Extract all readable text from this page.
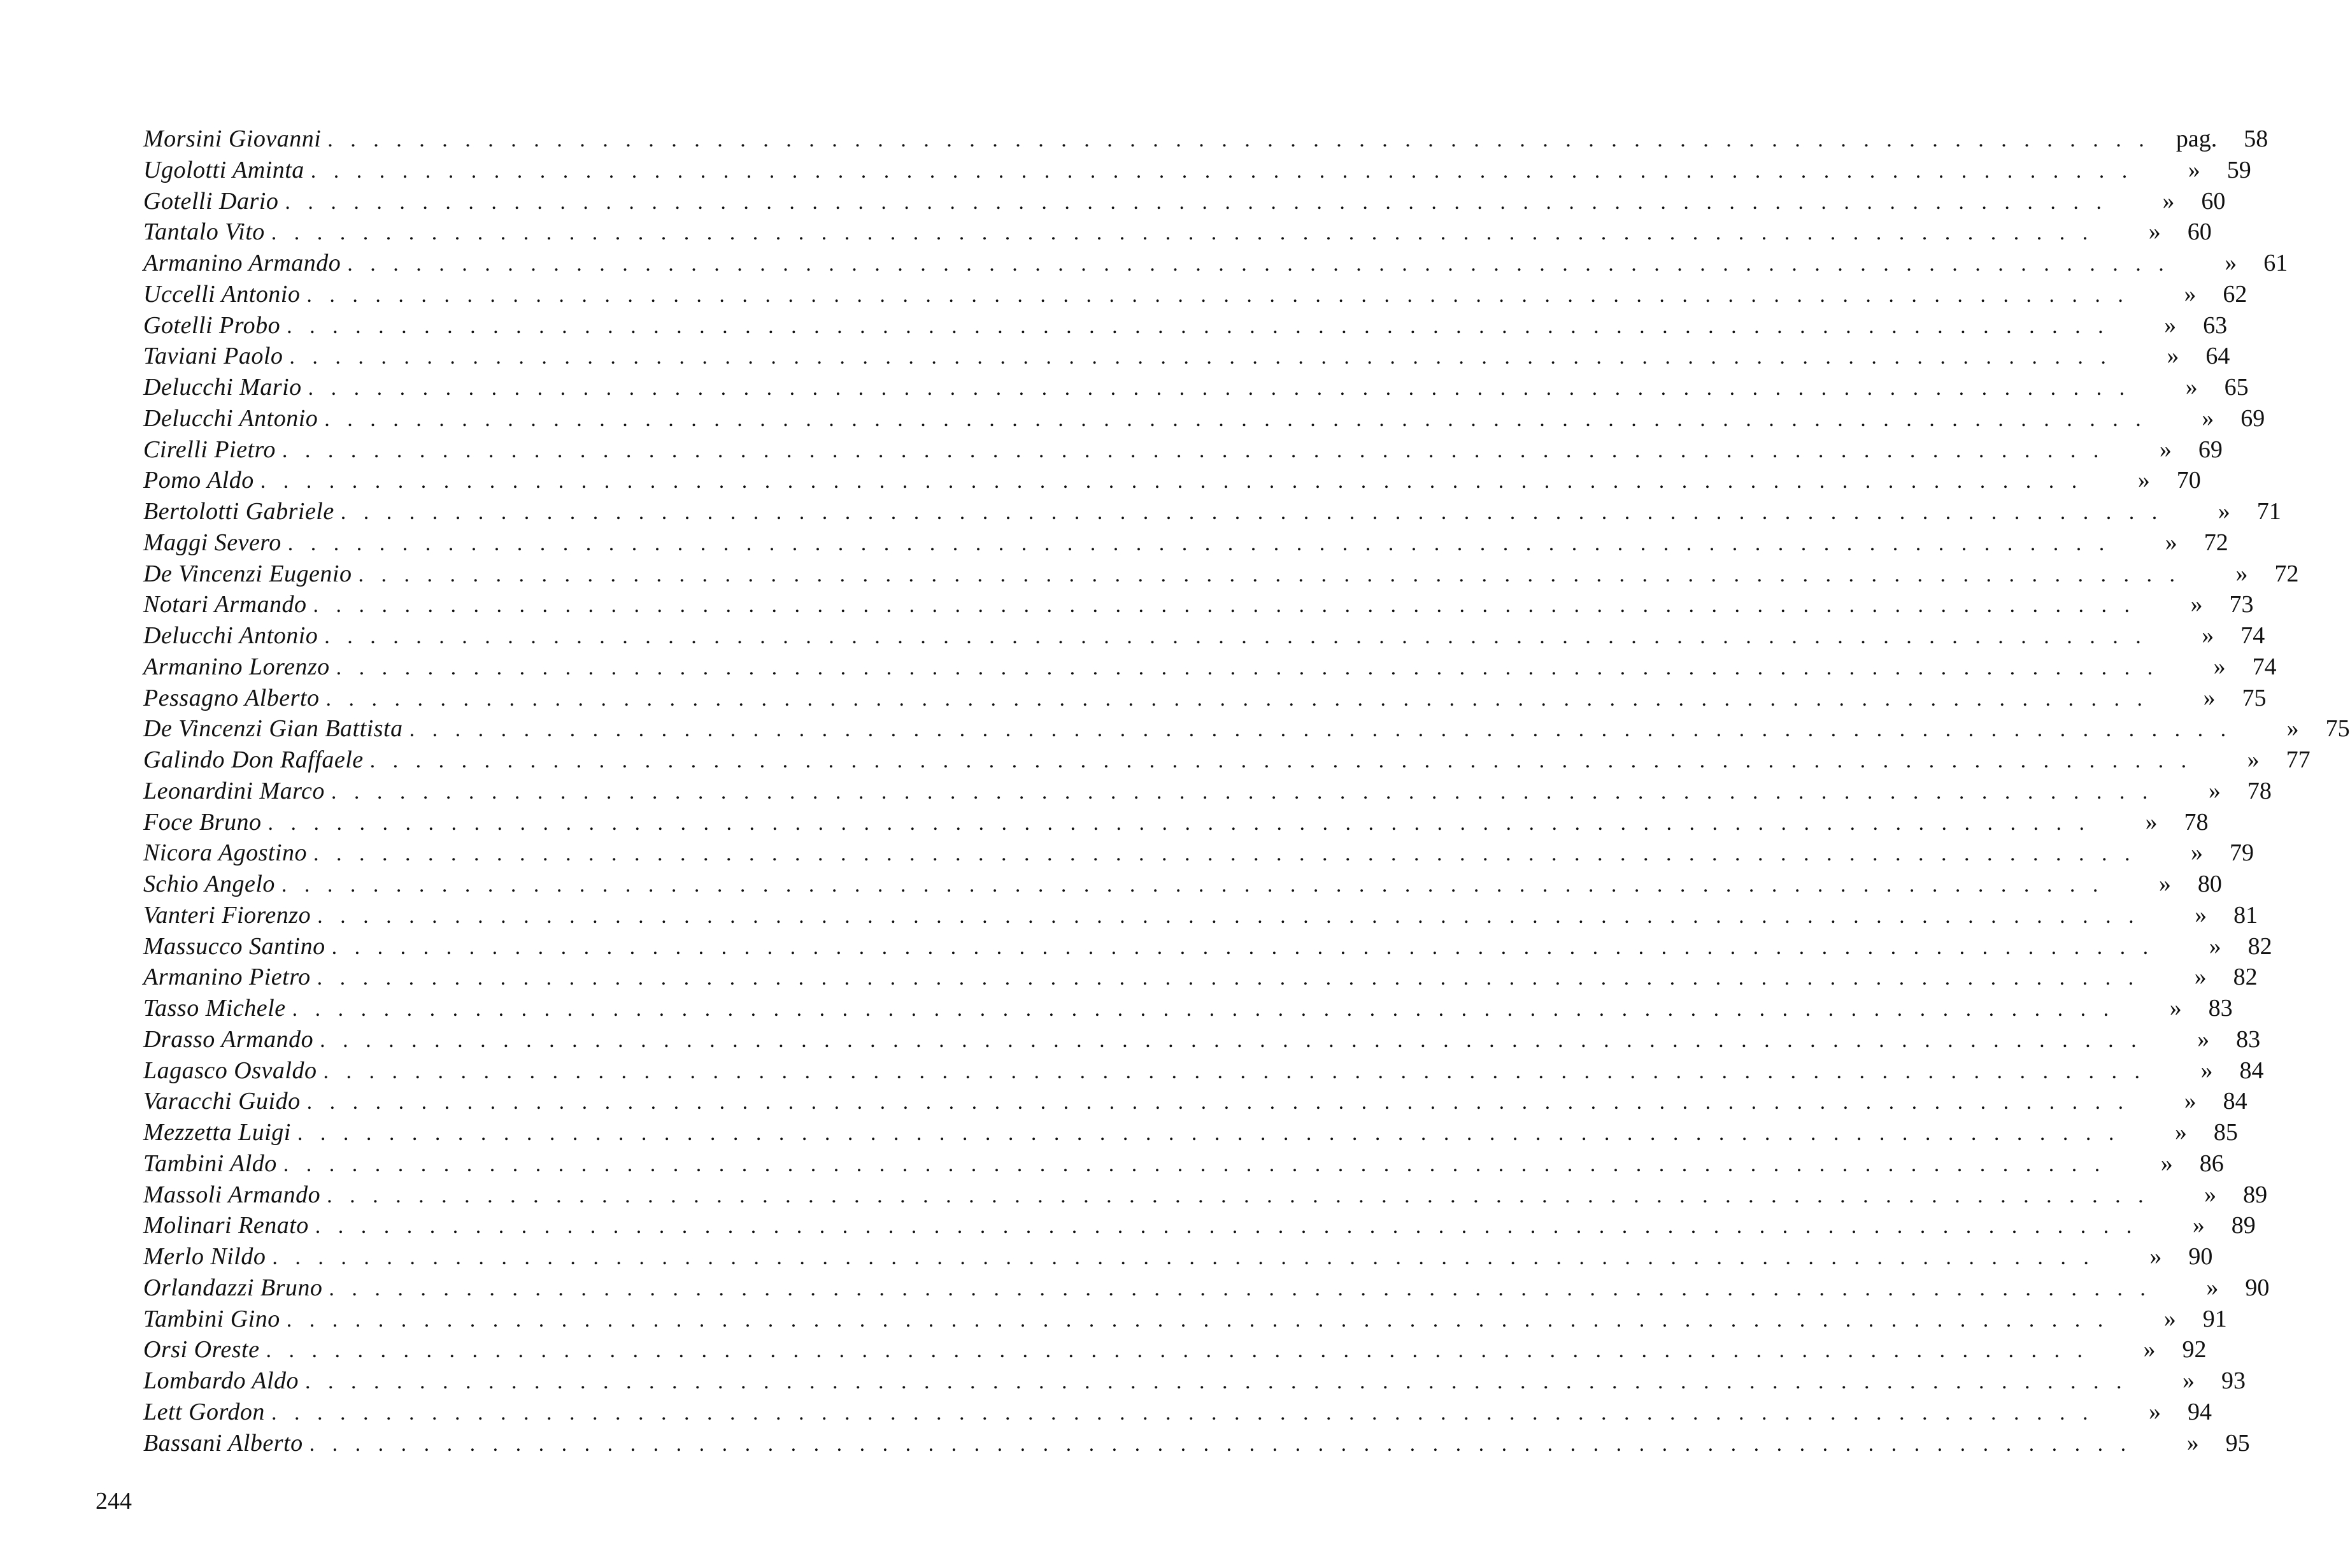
Morsini Giovanni . . . . . . . . . . . . . . . . . . . . . . . . . . . . . . . . . . . . . . . . . . . . . . . . . . . . . . . . . . . . . . . . . . . . . . . . . . . . . . . .	pag.	58
Ugolotti Aminta . . . . . . . . . . . . . . . . . . . . . . . . . . . . . . . . . . . . . . . . . . . . . . . . . . . . . . . . . . . . . . . . . . . . . . . . . . . . . . . .	»	59
Gotelli Dario . . . . . . . . . . . . . . . . . . . . . . . . . . . . . . . . . . . . . . . . . . . . . . . . . . . . . . . . . . . . . . . . . . . . . . . . . . . . . . . .	»	60
Tantalo Vito . . . . . . . . . . . . . . . . . . . . . . . . . . . . . . . . . . . . . . . . . . . . . . . . . . . . . . . . . . . . . . . . . . . . . . . . . . . . . . . .	»	60
Armanino Armando . . . . . . . . . . . . . . . . . . . . . . . . . . . . . . . . . . . . . . . . . . . . . . . . . . . . . . . . . . . . . . . . . . . . . . . . . . . . . . . .	»	61
Uccelli Antonio . . . . . . . . . . . . . . . . . . . . . . . . . . . . . . . . . . . . . . . . . . . . . . . . . . . . . . . . . . . . . . . . . . . . . . . . . . . . . . . .	»	62
Gotelli Probo . . . . . . . . . . . . . . . . . . . . . . . . . . . . . . . . . . . . . . . . . . . . . . . . . . . . . . . . . . . . . . . . . . . . . . . . . . . . . . . .	»	63
Taviani Paolo . . . . . . . . . . . . . . . . . . . . . . . . . . . . . . . . . . . . . . . . . . . . . . . . . . . . . . . . . . . . . . . . . . . . . . . . . . . . . . . .	»	64
Delucchi Mario . . . . . . . . . . . . . . . . . . . . . . . . . . . . . . . . . . . . . . . . . . . . . . . . . . . . . . . . . . . . . . . . . . . . . . . . . . . . . . . .	»	65
Delucchi Antonio . . . . . . . . . . . . . . . . . . . . . . . . . . . . . . . . . . . . . . . . . . . . . . . . . . . . . . . . . . . . . . . . . . . . . . . . . . . . . . . .	»	69
Cirelli Pietro . . . . . . . . . . . . . . . . . . . . . . . . . . . . . . . . . . . . . . . . . . . . . . . . . . . . . . . . . . . . . . . . . . . . . . . . . . . . . . . .	»	69
Pomo Aldo . . . . . . . . . . . . . . . . . . . . . . . . . . . . . . . . . . . . . . . . . . . . . . . . . . . . . . . . . . . . . . . . . . . . . . . . . . . . . . . .	»	70
Bertolotti Gabriele . . . . . . . . . . . . . . . . . . . . . . . . . . . . . . . . . . . . . . . . . . . . . . . . . . . . . . . . . . . . . . . . . . . . . . . . . . . . . . . .	»	71
Maggi Severo . . . . . . . . . . . . . . . . . . . . . . . . . . . . . . . . . . . . . . . . . . . . . . . . . . . . . . . . . . . . . . . . . . . . . . . . . . . . . . . .	»	72
De Vincenzi Eugenio . . . . . . . . . . . . . . . . . . . . . . . . . . . . . . . . . . . . . . . . . . . . . . . . . . . . . . . . . . . . . . . . . . . . . . . . . . . . . . . .	»	72
Notari Armando . . . . . . . . . . . . . . . . . . . . . . . . . . . . . . . . . . . . . . . . . . . . . . . . . . . . . . . . . . . . . . . . . . . . . . . . . . . . . . . .	»	73
Delucchi Antonio . . . . . . . . . . . . . . . . . . . . . . . . . . . . . . . . . . . . . . . . . . . . . . . . . . . . . . . . . . . . . . . . . . . . . . . . . . . . . . . .	»	74
Armanino Lorenzo . . . . . . . . . . . . . . . . . . . . . . . . . . . . . . . . . . . . . . . . . . . . . . . . . . . . . . . . . . . . . . . . . . . . . . . . . . . . . . . .	»	74
Pessagno Alberto . . . . . . . . . . . . . . . . . . . . . . . . . . . . . . . . . . . . . . . . . . . . . . . . . . . . . . . . . . . . . . . . . . . . . . . . . . . . . . . .	»	75
De Vincenzi Gian Battista . . . . . . . . . . . . . . . . . . . . . . . . . . . . . . . . . . . . . . . . . . . . . . . . . . . . . . . . . . . . . . . . . . . . . . . . . . . . . . . .	»	75
Galindo Don Raffaele . . . . . . . . . . . . . . . . . . . . . . . . . . . . . . . . . . . . . . . . . . . . . . . . . . . . . . . . . . . . . . . . . . . . . . . . . . . . . . . .	»	77
Leonardini Marco . . . . . . . . . . . . . . . . . . . . . . . . . . . . . . . . . . . . . . . . . . . . . . . . . . . . . . . . . . . . . . . . . . . . . . . . . . . . . . . .	»	78
Foce Bruno . . . . . . . . . . . . . . . . . . . . . . . . . . . . . . . . . . . . . . . . . . . . . . . . . . . . . . . . . . . . . . . . . . . . . . . . . . . . . . . .	»	78
Nicora Agostino . . . . . . . . . . . . . . . . . . . . . . . . . . . . . . . . . . . . . . . . . . . . . . . . . . . . . . . . . . . . . . . . . . . . . . . . . . . . . . . .	»	79
Schio Angelo . . . . . . . . . . . . . . . . . . . . . . . . . . . . . . . . . . . . . . . . . . . . . . . . . . . . . . . . . . . . . . . . . . . . . . . . . . . . . . . .	»	80
Vanteri Fiorenzo . . . . . . . . . . . . . . . . . . . . . . . . . . . . . . . . . . . . . . . . . . . . . . . . . . . . . . . . . . . . . . . . . . . . . . . . . . . . . . . .	»	81
Massucco Santino . . . . . . . . . . . . . . . . . . . . . . . . . . . . . . . . . . . . . . . . . . . . . . . . . . . . . . . . . . . . . . . . . . . . . . . . . . . . . . . .	»	82
Armanino Pietro . . . . . . . . . . . . . . . . . . . . . . . . . . . . . . . . . . . . . . . . . . . . . . . . . . . . . . . . . . . . . . . . . . . . . . . . . . . . . . . .	»	82
Tasso Michele . . . . . . . . . . . . . . . . . . . . . . . . . . . . . . . . . . . . . . . . . . . . . . . . . . . . . . . . . . . . . . . . . . . . . . . . . . . . . . . .	»	83
Drasso Armando . . . . . . . . . . . . . . . . . . . . . . . . . . . . . . . . . . . . . . . . . . . . . . . . . . . . . . . . . . . . . . . . . . . . . . . . . . . . . . . .	»	83
Lagasco Osvaldo . . . . . . . . . . . . . . . . . . . . . . . . . . . . . . . . . . . . . . . . . . . . . . . . . . . . . . . . . . . . . . . . . . . . . . . . . . . . . . . .	»	84
Varacchi Guido . . . . . . . . . . . . . . . . . . . . . . . . . . . . . . . . . . . . . . . . . . . . . . . . . . . . . . . . . . . . . . . . . . . . . . . . . . . . . . . .	»	84
Mezzetta Luigi . . . . . . . . . . . . . . . . . . . . . . . . . . . . . . . . . . . . . . . . . . . . . . . . . . . . . . . . . . . . . . . . . . . . . . . . . . . . . . . .	»	85
Tambini Aldo . . . . . . . . . . . . . . . . . . . . . . . . . . . . . . . . . . . . . . . . . . . . . . . . . . . . . . . . . . . . . . . . . . . . . . . . . . . . . . . .	»	86
Massoli Armando . . . . . . . . . . . . . . . . . . . . . . . . . . . . . . . . . . . . . . . . . . . . . . . . . . . . . . . . . . . . . . . . . . . . . . . . . . . . . . . .	»	89
Molinari Renato . . . . . . . . . . . . . . . . . . . . . . . . . . . . . . . . . . . . . . . . . . . . . . . . . . . . . . . . . . . . . . . . . . . . . . . . . . . . . . . .	»	89
Merlo Nildo . . . . . . . . . . . . . . . . . . . . . . . . . . . . . . . . . . . . . . . . . . . . . . . . . . . . . . . . . . . . . . . . . . . . . . . . . . . . . . . .	»	90
Orlandazzi Bruno . . . . . . . . . . . . . . . . . . . . . . . . . . . . . . . . . . . . . . . . . . . . . . . . . . . . . . . . . . . . . . . . . . . . . . . . . . . . . . . .	»	90
Tambini Gino . . . . . . . . . . . . . . . . . . . . . . . . . . . . . . . . . . . . . . . . . . . . . . . . . . . . . . . . . . . . . . . . . . . . . . . . . . . . . . . .	»	91
Orsi Oreste . . . . . . . . . . . . . . . . . . . . . . . . . . . . . . . . . . . . . . . . . . . . . . . . . . . . . . . . . . . . . . . . . . . . . . . . . . . . . . . .	»	92
Lombardo Aldo . . . . . . . . . . . . . . . . . . . . . . . . . . . . . . . . . . . . . . . . . . . . . . . . . . . . . . . . . . . . . . . . . . . . . . . . . . . . . . . .	»	93
Lett Gordon . . . . . . . . . . . . . . . . . . . . . . . . . . . . . . . . . . . . . . . . . . . . . . . . . . . . . . . . . . . . . . . . . . . . . . . . . . . . . . . .	»	94
Bassani Alberto . . . . . . . . . . . . . . . . . . . . . . . . . . . . . . . . . . . . . . . . . . . . . . . . . . . . . . . . . . . . . . . . . . . . . . . . . . . . . . . .	»	95
244
